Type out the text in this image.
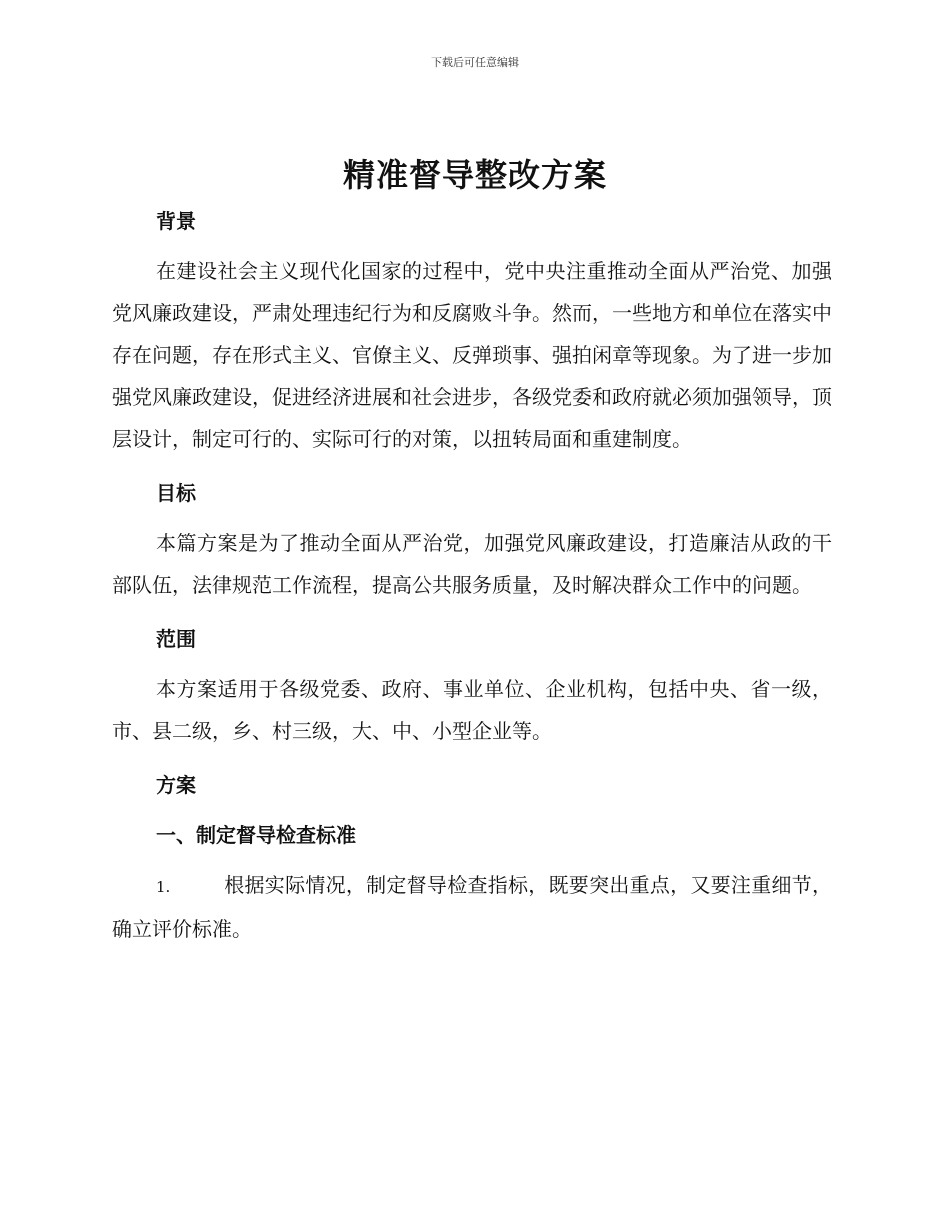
下载后可任意编辑
精准督导整改方案

背景

在建设社会主义现代化国家的过程中，党中央注重推动全面从严治党、加强党风廉政建设，严肃处理违纪行为和反腐败斗争。然而，一些地方和单位在落实中存在问题，存在形式主义、官僚主义、反弹琐事、强拍闲章等现象。为了进一步加强党风廉政建设，促进经济进展和社会进步，各级党委和政府就必须加强领导，顶层设计，制定可行的、实际可行的对策，以扭转局面和重建制度。

目标

本篇方案是为了推动全面从严治党，加强党风廉政建设，打造廉洁从政的干部队伍，法律规范工作流程，提高公共服务质量，及时解决群众工作中的问题。

范围

本方案适用于各级党委、政府、事业单位、企业机构，包括中央、省一级，市、县二级，乡、村三级，大、中、小型企业等。

方案

一、制定督导检查标准

1.	根据实际情况，制定督导检查指标，既要突出重点，又要注重细节，确立评价标准。
